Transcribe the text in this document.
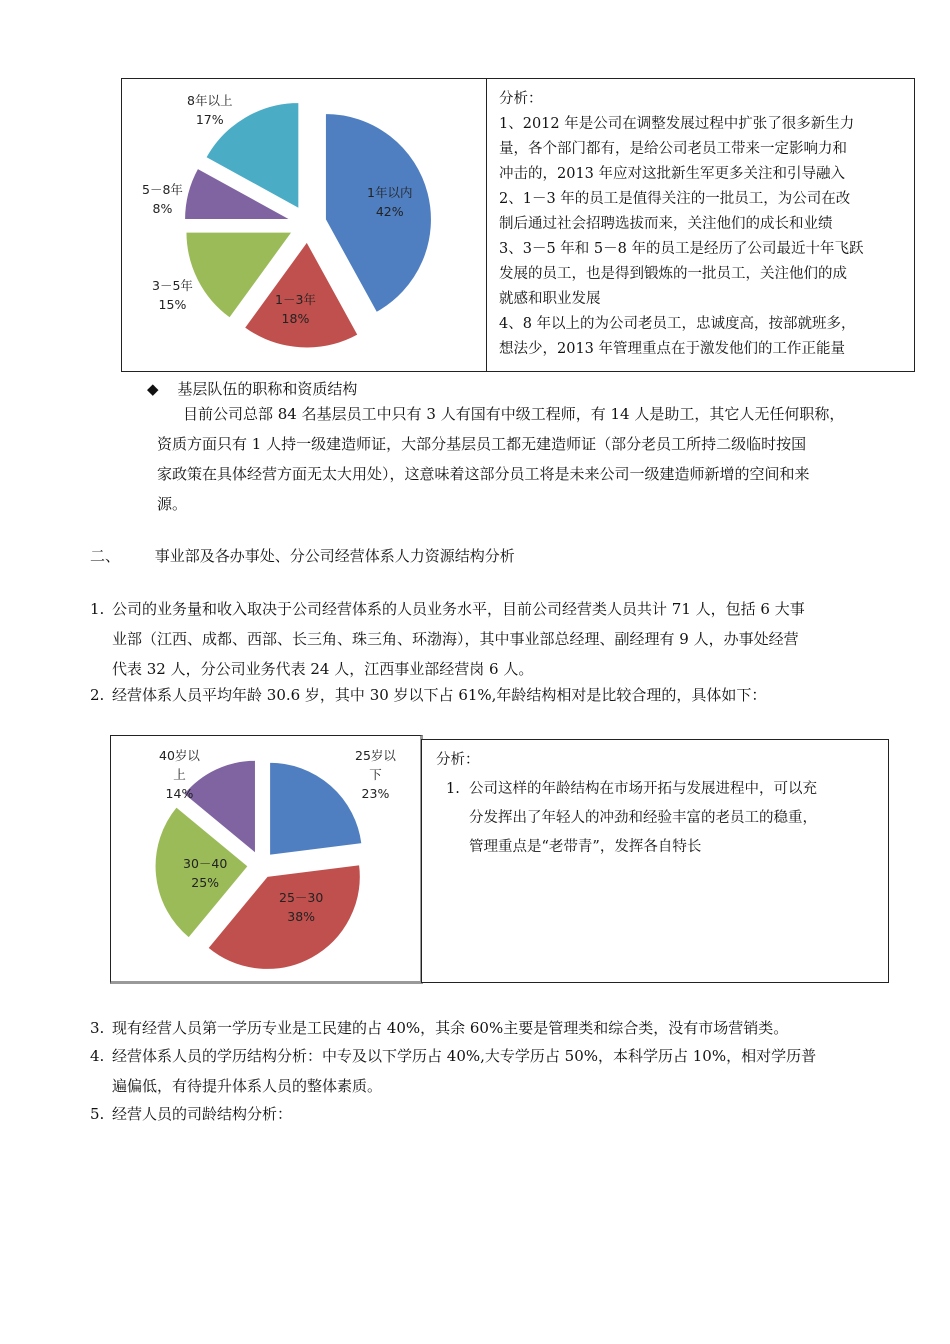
1年以内
42%
1－3年
18%
3－5年
15%
5－8年
8%
8年以上
17%
分析：
1、2012 年是公司在调整发展过程中扩张了很多新生力
量，各个部门都有，是给公司老员工带来一定影响力和
冲击的，2013 年应对这批新生军更多关注和引导融入
2、1－3 年的员工是值得关注的一批员工，为公司在改
制后通过社会招聘选拔而来，关注他们的成长和业绩
3、3－5 年和 5－8 年的员工是经历了公司最近十年飞跃
发展的员工，也是得到锻炼的一批员工，关注他们的成
就感和职业发展
4、8 年以上的为公司老员工，忠诚度高，按部就班多，
想法少，2013 年管理重点在于激发他们的工作正能量
◆ 基层队伍的职称和资质结构
目前公司总部 84 名基层员工中只有 3 人有国有中级工程师，有 14 人是助工，其它人无任何职称，
资质方面只有 1 人持一级建造师证，大部分基层员工都无建造师证（部分老员工所持二级临时按国
家政策在具体经营方面无太大用处），这意味着这部分员工将是未来公司一级建造师新增的空间和来
源。
二、 事业部及各办事处、分公司经营体系人力资源结构分析
1. 公司的业务量和收入取决于公司经营体系的人员业务水平，目前公司经营类人员共计 71 人，包括 6 大事
业部（江西、成都、西部、长三角、珠三角、环渤海），其中事业部总经理、副经理有 9 人，办事处经营
代表 32 人，分公司业务代表 24 人，江西事业部经营岗 6 人。
2. 经营体系人员平均年龄 30.6 岁，其中 30 岁以下占 61%,年龄结构相对是比较合理的，具体如下：
25岁以
下
23%
25－30
38%
30－40
25%
40岁以
上
14%
分析：
1. 公司这样的年龄结构在市场开拓与发展进程中，可以充
分发挥出了年轻人的冲劲和经验丰富的老员工的稳重，
管理重点是“老带青”，发挥各自特长
3. 现有经营人员第一学历专业是工民建的占 40%，其余 60%主要是管理类和综合类，没有市场营销类。
4. 经营体系人员的学历结构分析：中专及以下学历占 40%,大专学历占 50%，本科学历占 10%，相对学历普
遍偏低，有待提升体系人员的整体素质。
5. 经营人员的司龄结构分析：
